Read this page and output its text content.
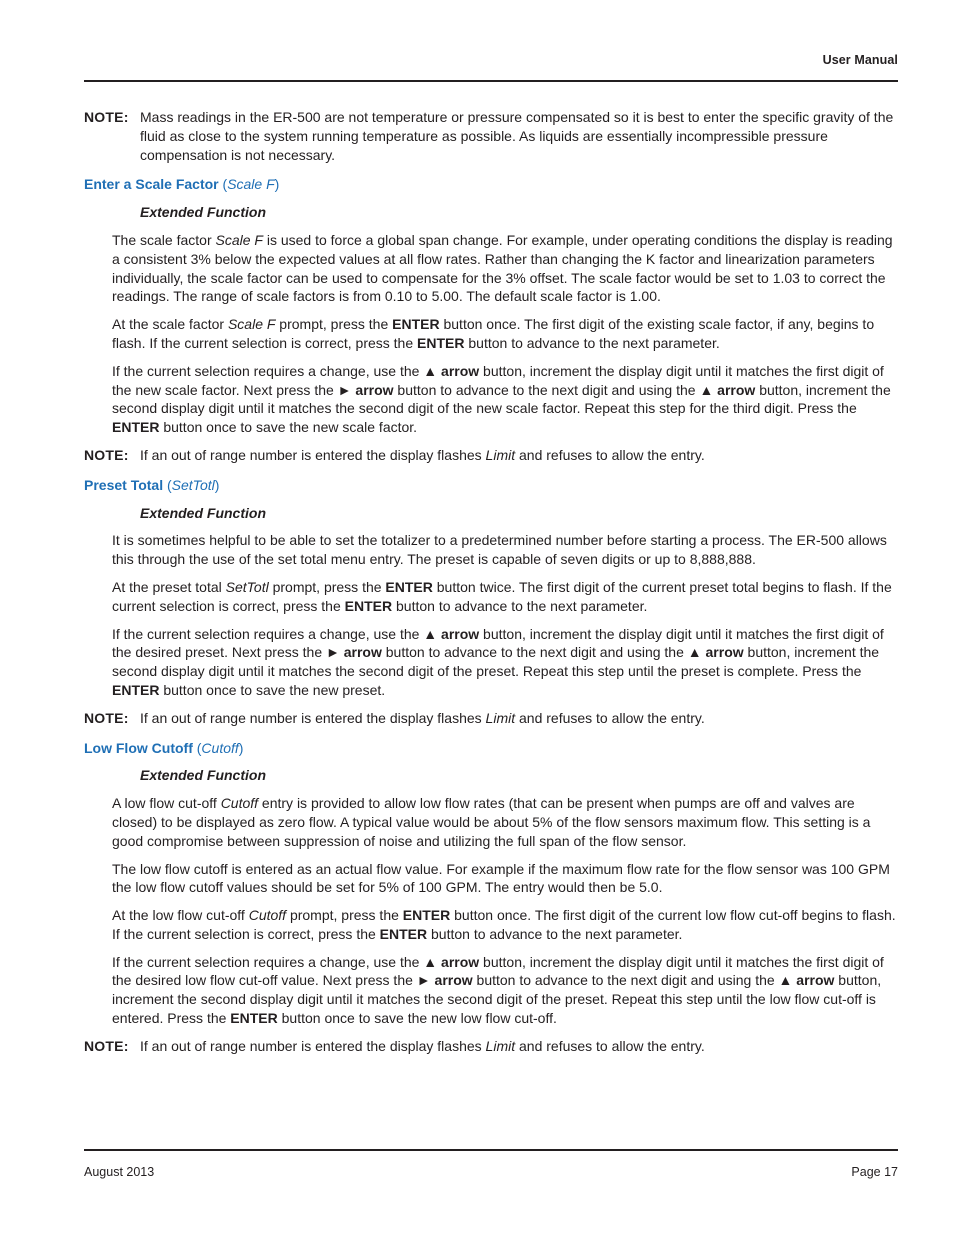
User Manual
NOTE: Mass readings in the ER-500 are not temperature or pressure compensated so it is best to enter the specific gravity of the fluid as close to the system running temperature as possible. As liquids are essentially incompressible pressure compensation is not necessary.
Enter a Scale Factor (Scale F)
Extended Function
The scale factor Scale F is used to force a global span change. For example, under operating conditions the display is reading a consistent 3% below the expected values at all flow rates. Rather than changing the K factor and linearization parameters individually, the scale factor can be used to compensate for the 3% offset. The scale factor would be set to 1.03 to correct the readings. The range of scale factors is from 0.10 to 5.00. The default scale factor is 1.00.
At the scale factor Scale F prompt, press the ENTER button once. The first digit of the existing scale factor, if any, begins to flash. If the current selection is correct, press the ENTER button to advance to the next parameter.
If the current selection requires a change, use the ▲ arrow button, increment the display digit until it matches the first digit of the new scale factor. Next press the ► arrow button to advance to the next digit and using the ▲ arrow button, increment the second display digit until it matches the second digit of the new scale factor. Repeat this step for the third digit. Press the ENTER button once to save the new scale factor.
NOTE: If an out of range number is entered the display flashes Limit and refuses to allow the entry.
Preset Total (SetTotl)
Extended Function
It is sometimes helpful to be able to set the totalizer to a predetermined number before starting a process. The ER-500 allows this through the use of the set total menu entry. The preset is capable of seven digits or up to 8,888,888.
At the preset total SetTotl prompt, press the ENTER button twice. The first digit of the current preset total begins to flash. If the current selection is correct, press the ENTER button to advance to the next parameter.
If the current selection requires a change, use the ▲ arrow button, increment the display digit until it matches the first digit of the desired preset. Next press the ► arrow button to advance to the next digit and using the ▲ arrow button, increment the second display digit until it matches the second digit of the preset. Repeat this step until the preset is complete. Press the ENTER button once to save the new preset.
NOTE: If an out of range number is entered the display flashes Limit and refuses to allow the entry.
Low Flow Cutoff (Cutoff)
Extended Function
A low flow cut-off Cutoff entry is provided to allow low flow rates (that can be present when pumps are off and valves are closed) to be displayed as zero flow. A typical value would be about 5% of the flow sensors maximum flow. This setting is a good compromise between suppression of noise and utilizing the full span of the flow sensor.
The low flow cutoff is entered as an actual flow value. For example if the maximum flow rate for the flow sensor was 100 GPM the low flow cutoff values should be set for 5% of 100 GPM. The entry would then be 5.0.
At the low flow cut-off Cutoff prompt, press the ENTER button once. The first digit of the current low flow cut-off begins to flash. If the current selection is correct, press the ENTER button to advance to the next parameter.
If the current selection requires a change, use the ▲ arrow button, increment the display digit until it matches the first digit of the desired low flow cut-off value. Next press the ► arrow button to advance to the next digit and using the ▲ arrow button, increment the second display digit until it matches the second digit of the preset. Repeat this step until the low flow cut-off is entered. Press the ENTER button once to save the new low flow cut-off.
NOTE: If an out of range number is entered the display flashes Limit and refuses to allow the entry.
August 2013	Page 17
